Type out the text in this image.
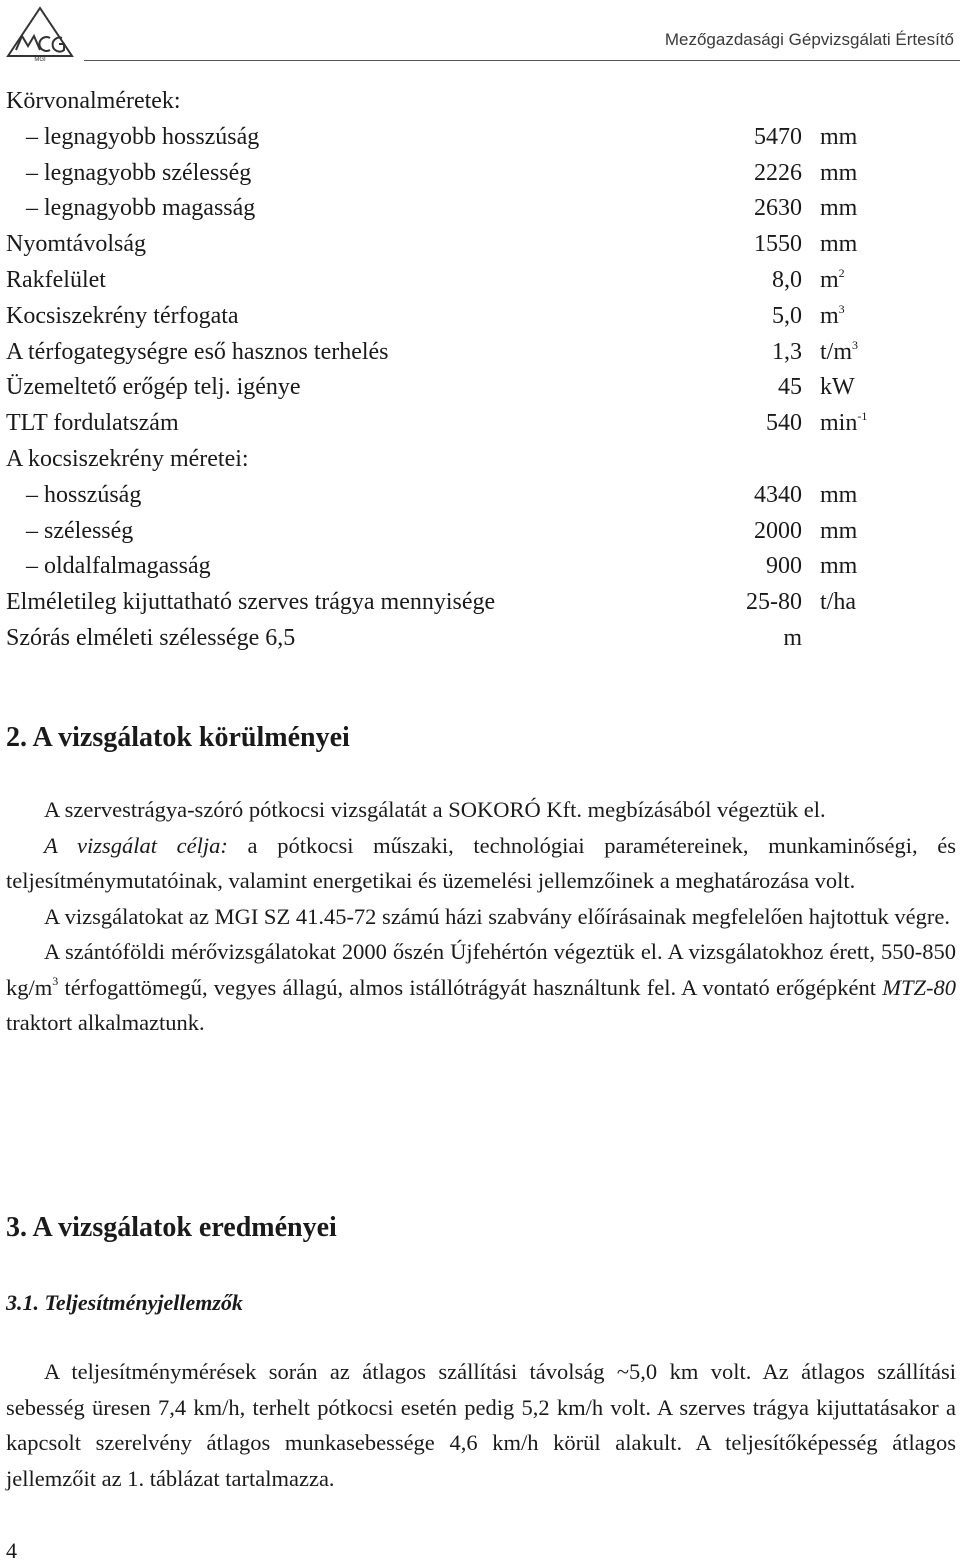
MGI
Mezőgazdasági Gépvizsgálati Értesítő
Körvonalméretek:
– legnagyobb hosszúság	5470 mm
– legnagyobb szélesség	2226 mm
– legnagyobb magasság	2630 mm
Nyomtávolság	1550 mm
Rakfelület	8,0 $m^2$
Kocsiszekrény térfogata	5,0 $m^3$
A térfogategységre eső hasznos terhelés	1,3 $t/m^3$
Üzemeltető erőgép telj. igénye	45 kW
TLT fordulatszám	540 $\min^{-1}$
A kocsiszekrény méretei:
– hosszúság	4340 mm
– szélesség	2000 mm
– oldalfalmagasság	900 mm
Elméletileg kijuttatható szerves trágya mennyisége	25-80 t/ha
Szórás elméleti szélessége 6,5	m
2. A vizsgálatok körülményei

A szervestrágya-szóró pótkocsi vizsgálatát a SOKORÓ Kft. megbízásából végeztük el.

A vizsgálat célja: a pótkocsi műszaki, technológiai paramétereinek, munkaminőségi, és teljesítménymutatóinak, valamint energetikai és üzemelési jellemzőinek a meghatározása volt.

A vizsgálatokat az MGI SZ 41.45-72 számú házi szabvány előírásainak megfelelően hajtottuk végre.

A szántóföldi mérővizsgálatokat 2000 őszén Újfehértón végeztük el. A vizsgálatokhoz érett, 550-850 $kg/m^3$ térfogattömegű, vegyes állagú, almos istállótrágyát használtunk fel. A vontató erőgépként MTZ-80 traktort alkalmaztunk.

3. A vizsgálatok eredményei
3.1. Teljesítményjellemzők

A teljesítménymérések során az átlagos szállítási távolság ~5,0 km volt. Az átlagos szállítási sebesség üresen 7,4 km/h, terhelt pótkocsi esetén pedig 5,2 km/h volt. A szerves trágya kijuttatásakor a kapcsolt szerelvény átlagos munkasebessége 4,6 km/h körül alakult. A teljesítőképesség átlagos jellemzőit az 1. táblázat tartalmazza.

4
